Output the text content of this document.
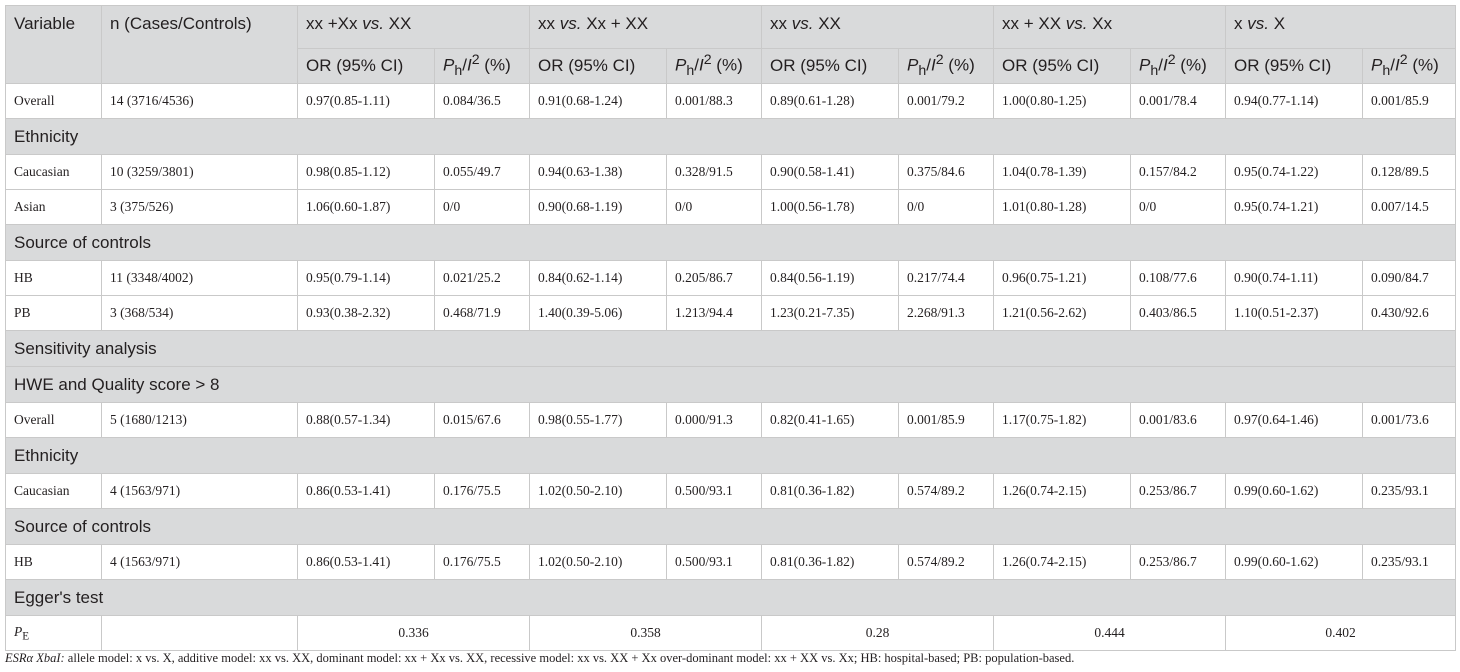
Variable	n (Cases/Controls)	xx +Xx vs. XX		xx vs. Xx + XX		xx vs. XX		xx + XX vs. Xx		x vs. X	
		OR (95% CI)	$P_h/I^2$ (%)	OR (95% CI)	$P_h/I^2$ (%)	OR (95% CI)	$P_h/I^2$ (%)	OR (95% CI)	$P_h/I^2$ (%)	OR (95% CI)	$P_h/I^2$ (%)
Overall	14 (3716/4536)	0.97(0.85-1.11)	0.084/36.5	0.91(0.68-1.24)	0.001/88.3	0.89(0.61-1.28)	0.001/79.2	1.00(0.80-1.25)	0.001/78.4	0.94(0.77-1.14)	0.001/85.9
Ethnicity											
Caucasian	10 (3259/3801)	0.98(0.85-1.12)	0.055/49.7	0.94(0.63-1.38)	0.328/91.5	0.90(0.58-1.41)	0.375/84.6	1.04(0.78-1.39)	0.157/84.2	0.95(0.74-1.22)	0.128/89.5
Asian	3 (375/526)	1.06(0.60-1.87)	0/0	0.90(0.68-1.19)	0/0	1.00(0.56-1.78)	0/0	1.01(0.80-1.28)	0/0	0.95(0.74-1.21)	0.007/14.5
Source of controls											
HB	11 (3348/4002)	0.95(0.79-1.14)	0.021/25.2	0.84(0.62-1.14)	0.205/86.7	0.84(0.56-1.19)	0.217/74.4	0.96(0.75-1.21)	0.108/77.6	0.90(0.74-1.11)	0.090/84.7
PB	3 (368/534)	0.93(0.38-2.32)	0.468/71.9	1.40(0.39-5.06)	1.213/94.4	1.23(0.21-7.35)	2.268/91.3	1.21(0.56-2.62)	0.403/86.5	1.10(0.51-2.37)	0.430/92.6
Sensitivity analysis											
HWE and Quality score > 8											
Overall	5 (1680/1213)	0.88(0.57-1.34)	0.015/67.6	0.98(0.55-1.77)	0.000/91.3	0.82(0.41-1.65)	0.001/85.9	1.17(0.75-1.82)	0.001/83.6	0.97(0.64-1.46)	0.001/73.6
Ethnicity											
Caucasian	4 (1563/971)	0.86(0.53-1.41)	0.176/75.5	1.02(0.50-2.10)	0.500/93.1	0.81(0.36-1.82)	0.574/89.2	1.26(0.74-2.15)	0.253/86.7	0.99(0.60-1.62)	0.235/93.1
Source of controls											
HB	4 (1563/971)	0.86(0.53-1.41)	0.176/75.5	1.02(0.50-2.10)	0.500/93.1	0.81(0.36-1.82)	0.574/89.2	1.26(0.74-2.15)	0.253/86.7	0.99(0.60-1.62)	0.235/93.1
Egger's test											
$P_E$		0.336		0.358		0.28		0.444		0.402	
ESRα XbaI: allele model: x vs. X, additive model: xx vs. XX, dominant model: xx + Xx vs. XX, recessive model: xx vs. XX + Xx over-dominant model: xx + XX vs. Xx; HB: hospital-based; PB: population-based.
